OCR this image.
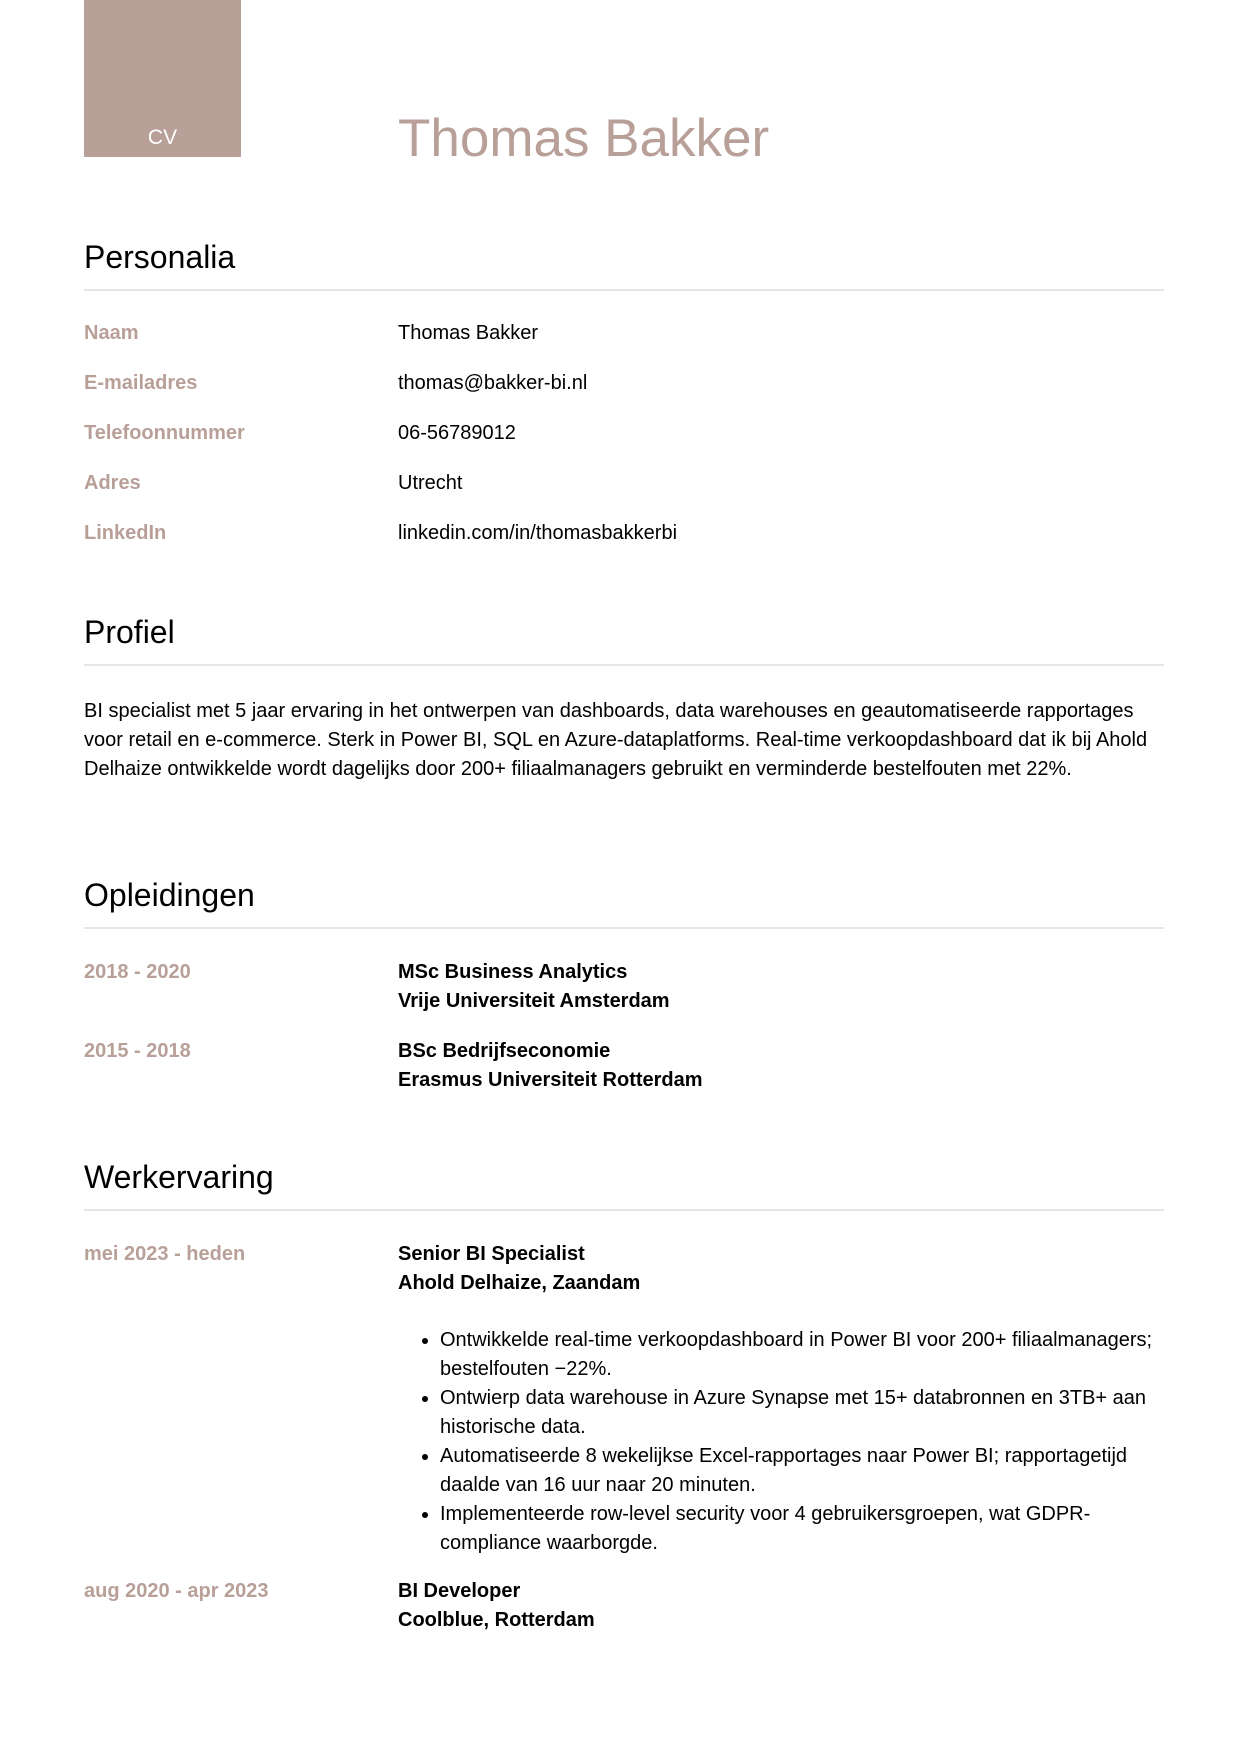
CV	Thomas Bakker
Personalia
Naam	Thomas Bakker
E-mailadres	thomas@bakker-bi.nl
Telefoonnummer	06-56789012
Adres	Utrecht
LinkedIn	linkedin.com/in/thomasbakkerbi
Profiel

BI specialist met 5 jaar ervaring in het ontwerpen van dashboards, data warehouses en geautomatiseerde rapportages voor retail en e-commerce. Sterk in Power BI, SQL en Azure-dataplatforms. Real-time verkoopdashboard dat ik bij Ahold Delhaize ontwikkelde wordt dagelijks door 200+ filiaalmanagers gebruikt en verminderde bestelfouten met 22%.

Opleidingen
2018 - 2020	MSc Business Analytics
Vrije Universiteit Amsterdam
2015 - 2018	BSc Bedrijfseconomie
Erasmus Universiteit Rotterdam
Werkervaring
mei 2023 - heden	Senior BI Specialist
Ahold Delhaize, Zaandam
• Ontwikkelde real-time verkoopdashboard in Power BI voor 200+ filiaalmanagers; bestelfouten −22%.
• Ontwierp data warehouse in Azure Synapse met 15+ databronnen en 3TB+ aan historische data.
• Automatiseerde 8 wekelijkse Excel-rapportages naar Power BI; rapportagetijd daalde van 16 uur naar 20 minuten.
• Implementeerde row-level security voor 4 gebruikersgroepen, wat GDPR-compliance waarborgde.
aug 2020 - apr 2023	BI Developer
Coolblue, Rotterdam
